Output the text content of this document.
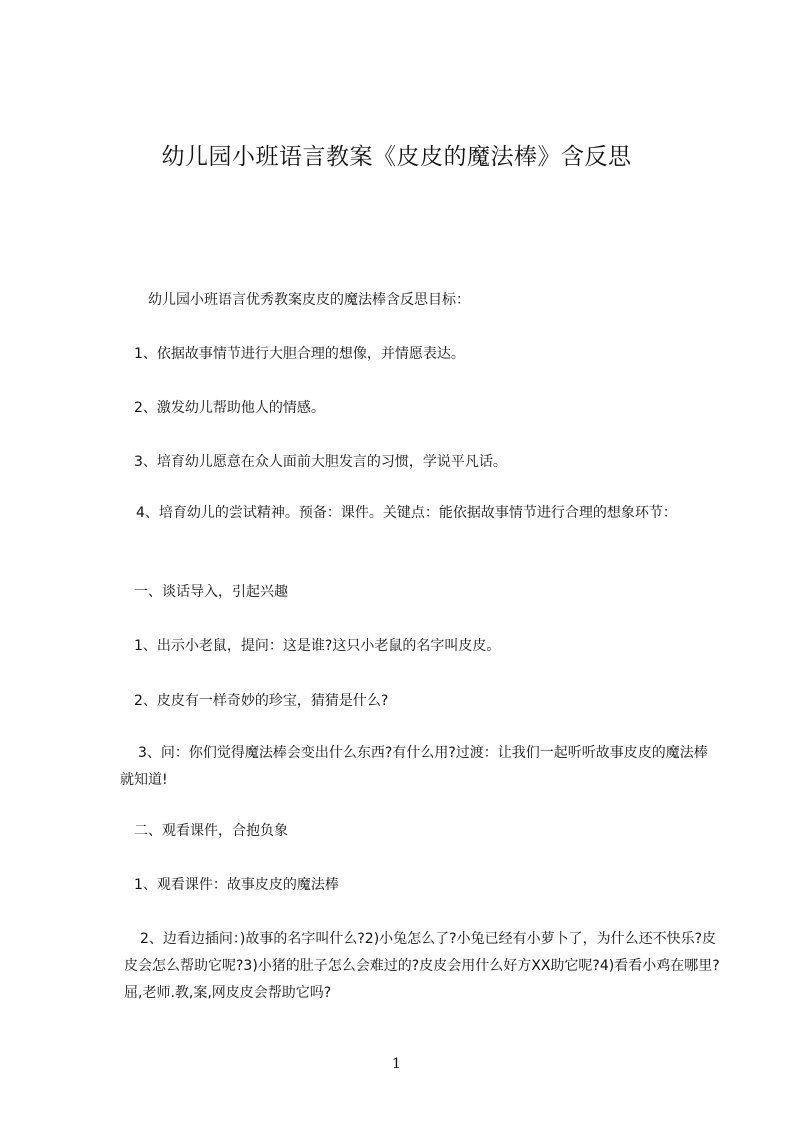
幼儿园小班语言教案《皮皮的魔法棒》含反思
幼儿园小班语言优秀教案皮皮的魔法棒含反思目标：
1、依据故事情节进行大胆合理的想像，并情愿表达。
2、激发幼儿帮助他人的情感。
3、培育幼儿愿意在众人面前大胆发言的习惯，学说平凡话。
4、培育幼儿的尝试精神。预备：课件。关键点：能依据故事情节进行合理的想象环节：
一、谈话导入，引起兴趣
1、出示小老鼠，提问：这是谁?这只小老鼠的名字叫皮皮。
2、皮皮有一样奇妙的珍宝，猜猜是什么?
3、问：你们觉得魔法棒会变出什么东西?有什么用?过渡：让我们一起听听故事皮皮的魔法棒就知道!
二、观看课件，合抱负象
1、观看课件：故事皮皮的魔法棒
2、边看边插问：)故事的名字叫什么?2)小兔怎么了?小兔已经有小萝卜了，为什么还不快乐?皮皮会怎么帮助它呢?3)小猪的肚子怎么会难过的?皮皮会用什么好方XX助它呢?4)看看小鸡在哪里?屈,老师.教,案,网皮皮会帮助它吗?
1
